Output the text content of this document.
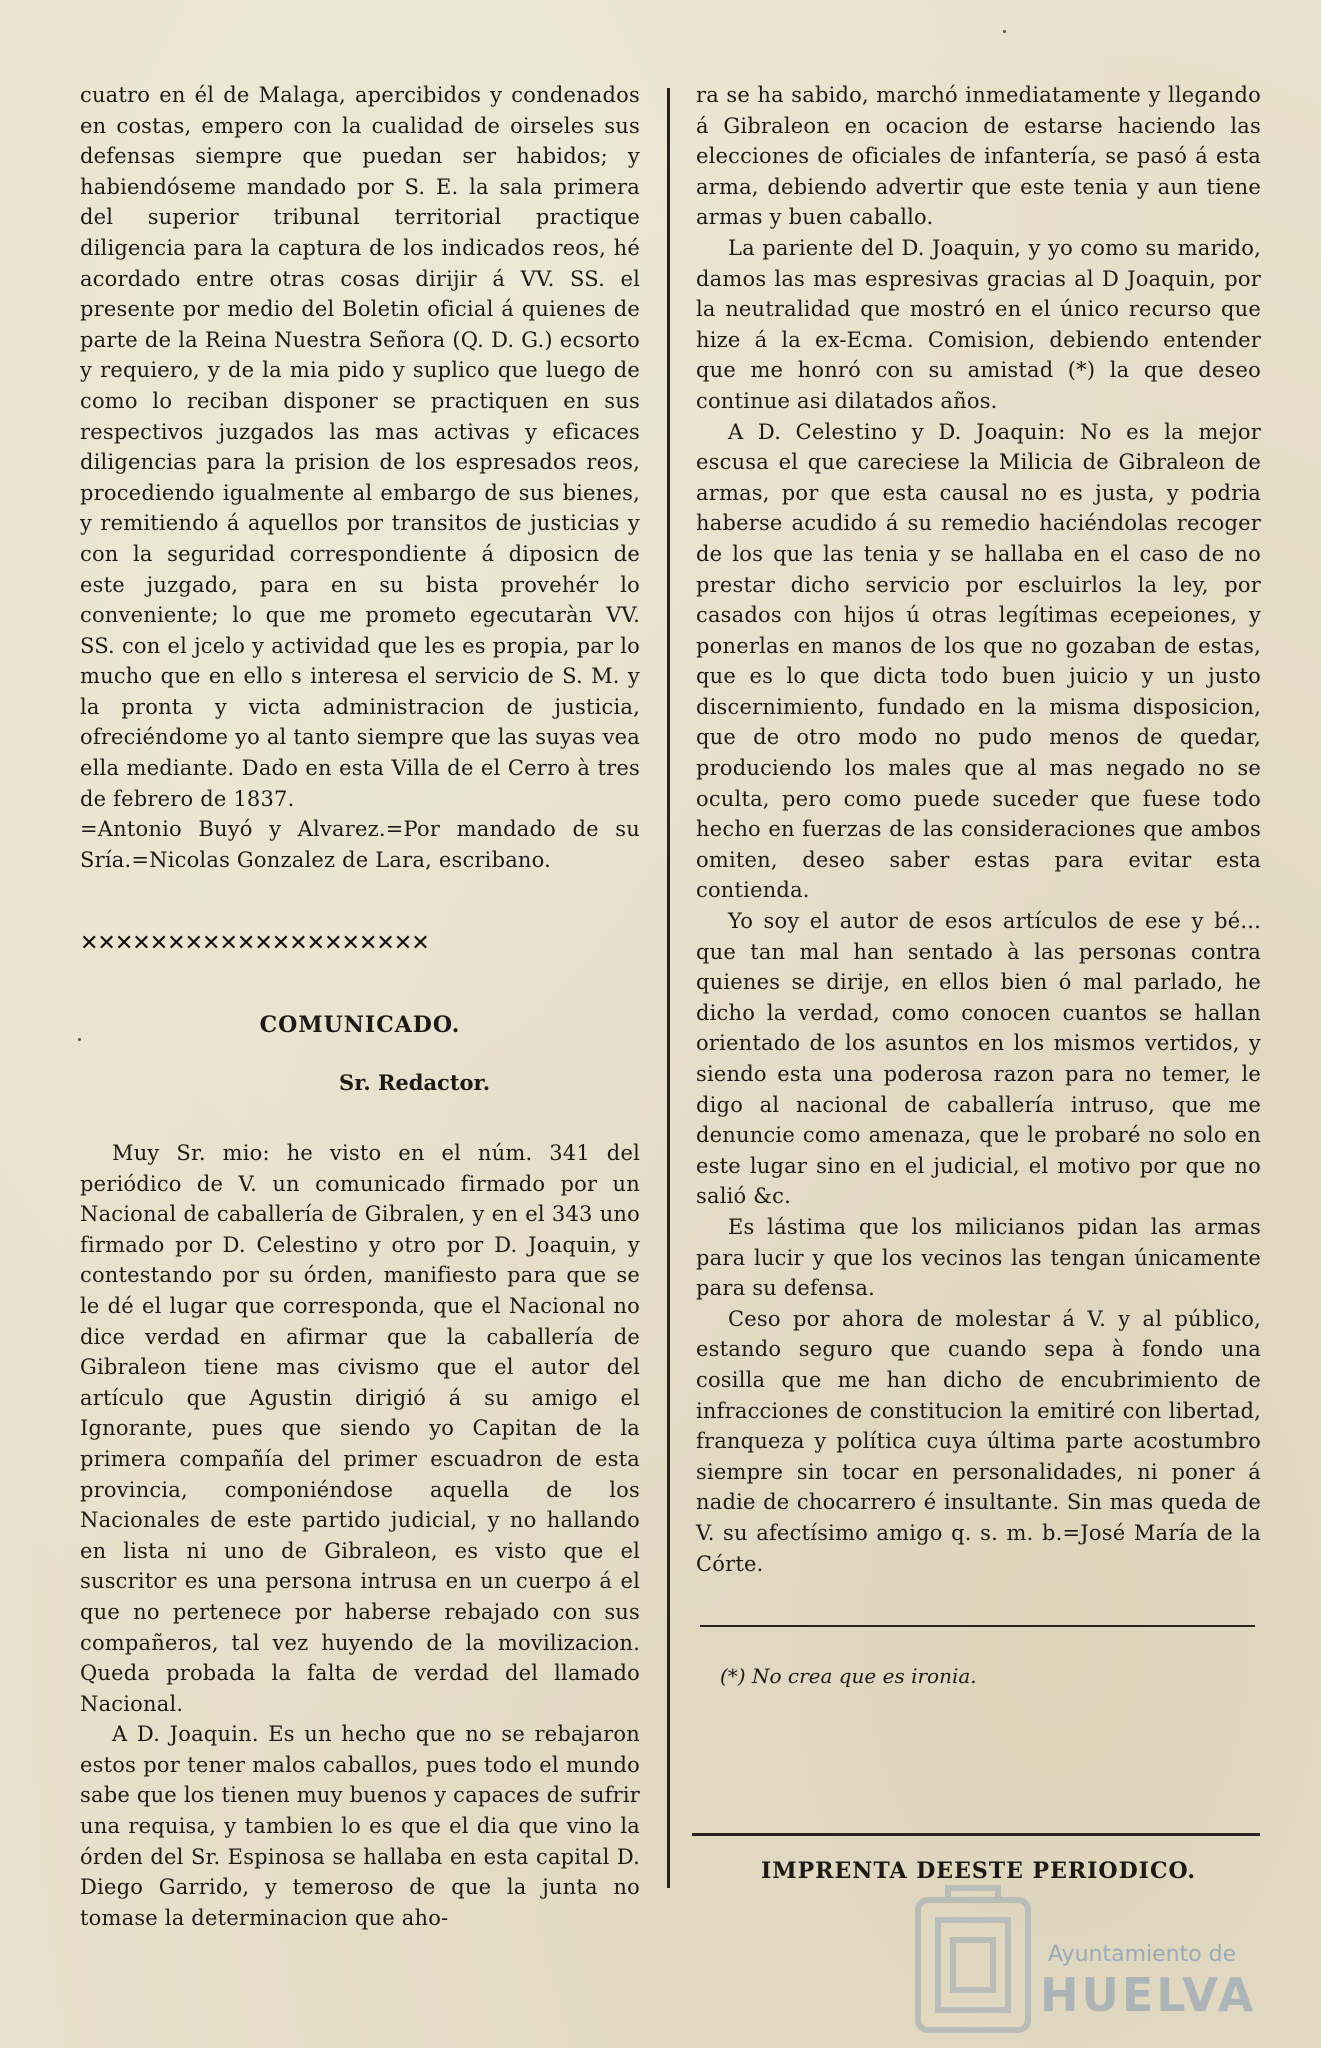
cuatro en él de Malaga, apercibidos y condenados en costas, empero con la cualidad de oirseles sus defensas siempre que puedan ser habidos; y habiendóseme mandado por S. E. la sala primera del superior tribunal territorial practique diligencia para la captura de los indicados reos, hé acordado entre otras cosas dirijir á VV. SS. el presente por medio del Boletin oficial á quienes de parte de la Reina Nuestra Señora (Q. D. G.) ecsorto y requiero, y de la mia pido y suplico que luego de como lo reciban disponer se practiquen en sus respectivos juzgados las mas activas y eficaces diligencias para la prision de los espresados reos, procediendo igualmente al embargo de sus bienes, y remitiendo á aquellos por transitos de justicias y con la seguridad correspondiente á diposicn de este juzgado, para en su bista provehér lo conveniente; lo que me prometo egecutaràn VV. SS. con el jcelo y actividad que les es propia, par lo mucho que en ello s interesa el servicio de S. M. y la pronta y victa administracion de justicia, ofreciéndome yo al tanto siempre que las suyas vea ella mediante. Dado en esta Villa de el Cerro à tres de febrero de 1837.

=Antonio Buyó y Alvarez.=Por mandado de su Sría.=Nicolas Gonzalez de Lara, escribano.

✕✕✕✕✕✕✕✕✕✕✕✕✕✕✕✕✕✕✕✕
COMUNICADO.
Sr. Redactor.

Muy Sr. mio: he visto en el núm. 341 del periódico de V. un comunicado firmado por un Nacional de caballería de Gibralen, y en el 343 uno firmado por D. Celestino y otro por D. Joaquin, y contestando por su órden, manifiesto para que se le dé el lugar que corresponda, que el Nacional no dice verdad en afirmar que la caballería de Gibraleon tiene mas civismo que el autor del artículo que Agustin dirigió á su amigo el Ignorante, pues que siendo yo Capitan de la primera compañía del primer escuadron de esta provincia, componiéndose aquella de los Nacionales de este partido judicial, y no hallando en lista ni uno de Gibraleon, es visto que el suscritor es una persona intrusa en un cuerpo á el que no pertenece por haberse rebajado con sus compañeros, tal vez huyendo de la movilizacion. Queda probada la falta de verdad del llamado Nacional.

A D. Joaquin. Es un hecho que no se rebajaron estos por tener malos caballos, pues todo el mundo sabe que los tienen muy buenos y capaces de sufrir una requisa, y tambien lo es que el dia que vino la órden del Sr. Espinosa se hallaba en esta capital D. Diego Garrido, y temeroso de que la junta no tomase la determinacion que aho-

ra se ha sabido, marchó inmediatamente y llegando á Gibraleon en ocacion de estarse haciendo las elecciones de oficiales de infantería, se pasó á esta arma, debiendo advertir que este tenia y aun tiene armas y buen caballo.

La pariente del D. Joaquin, y yo como su marido, damos las mas espresivas gracias al D Joaquin, por la neutralidad que mostró en el único recurso que hize á la ex-Ecma. Comision, debiendo entender que me honró con su amistad (*) la que deseo continue asi dilatados años.

A D. Celestino y D. Joaquin: No es la mejor escusa el que careciese la Milicia de Gibraleon de armas, por que esta causal no es justa, y podria haberse acudido á su remedio haciéndolas recoger de los que las tenia y se hallaba en el caso de no prestar dicho servicio por escluirlos la ley, por casados con hijos ú otras legítimas ecepeiones, y ponerlas en manos de los que no gozaban de estas, que es lo que dicta todo buen juicio y un justo discernimiento, fundado en la misma disposicion, que de otro modo no pudo menos de quedar, produciendo los males que al mas negado no se oculta, pero como puede suceder que fuese todo hecho en fuerzas de las consideraciones que ambos omiten, deseo saber estas para evitar esta contienda.

Yo soy el autor de esos artículos de ese y bé... que tan mal han sentado à las personas contra quienes se dirije, en ellos bien ó mal parlado, he dicho la verdad, como conocen cuantos se hallan orientado de los asuntos en los mismos vertidos, y siendo esta una poderosa razon para no temer, le digo al nacional de caballería intruso, que me denuncie como amenaza, que le probaré no solo en este lugar sino en el judicial, el motivo por que no salió &c.

Es lástima que los milicianos pidan las armas para lucir y que los vecinos las tengan únicamente para su defensa.

Ceso por ahora de molestar á V. y al público, estando seguro que cuando sepa à fondo una cosilla que me han dicho de encubrimiento de infracciones de constitucion la emitiré con libertad, franqueza y política cuya última parte acostumbro siempre sin tocar en personalidades, ni poner á nadie de chocarrero é insultante. Sin mas queda de V. su afectísimo amigo q. s. m. b.=José María de la Córte.

(*) No crea que es ironia.
IMPRENTA DEESTE PERIODICO.
Ayuntamiento de
HUELVA
